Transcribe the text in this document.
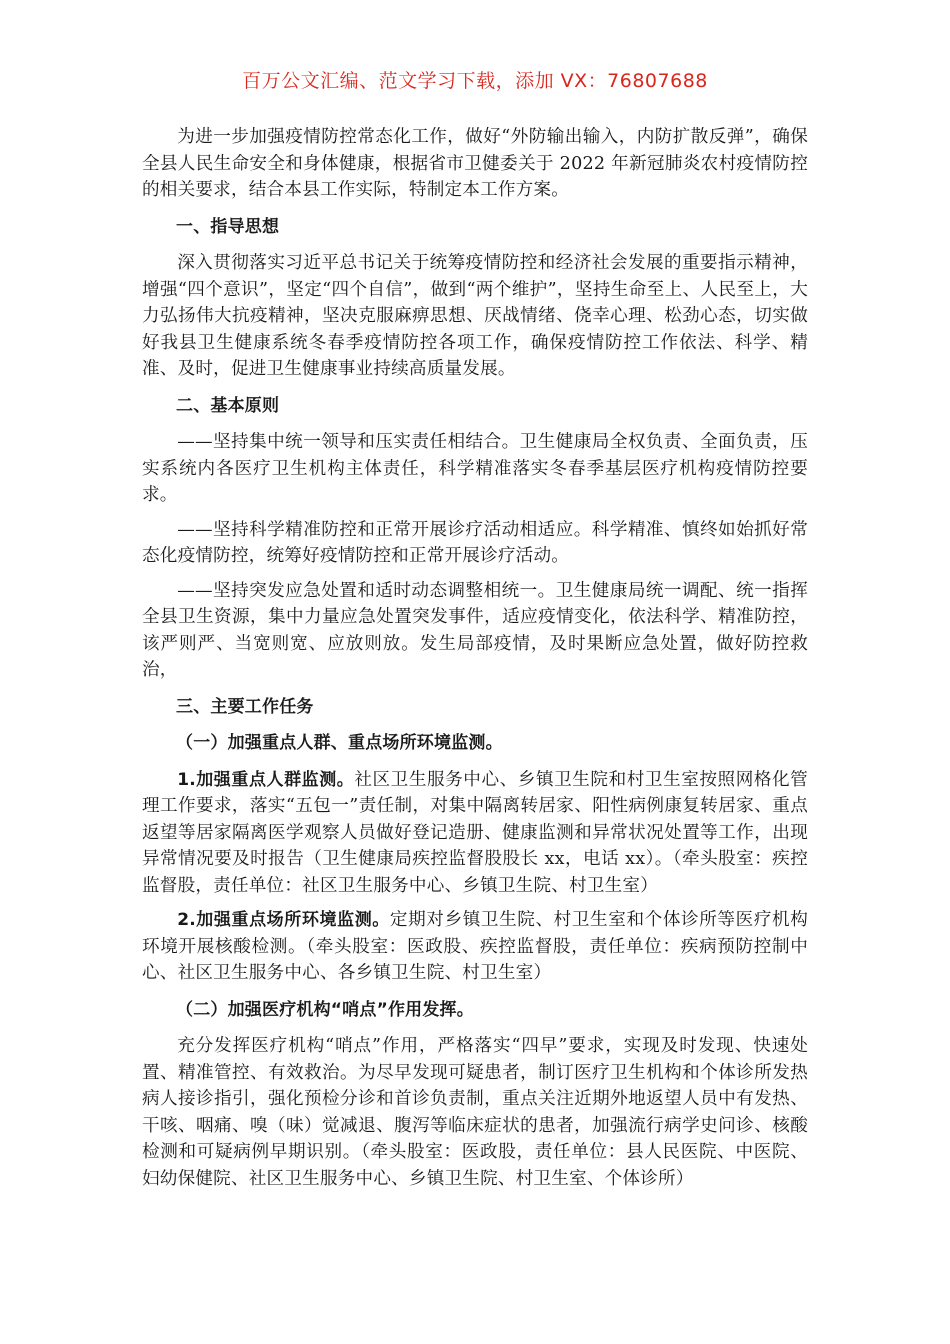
百万公文汇编、范文学习下载，添加 VX：76807688

为进一步加强疫情防控常态化工作，做好“外防输出输入，内防扩散反弹”，确保全县人民生命安全和身体健康，根据省市卫健委关于 2022 年新冠肺炎农村疫情防控的相关要求，结合本县工作实际，特制定本工作方案。

一、指导思想

深入贯彻落实习近平总书记关于统筹疫情防控和经济社会发展的重要指示精神，增强“四个意识”，坚定“四个自信”，做到“两个维护”，坚持生命至上、人民至上，大力弘扬伟大抗疫精神，坚决克服麻痹思想、厌战情绪、侥幸心理、松劲心态，切实做好我县卫生健康系统冬春季疫情防控各项工作，确保疫情防控工作依法、科学、精准、及时，促进卫生健康事业持续高质量发展。

二、基本原则

——坚持集中统一领导和压实责任相结合。卫生健康局全权负责、全面负责，压实系统内各医疗卫生机构主体责任，科学精准落实冬春季基层医疗机构疫情防控要求。

——坚持科学精准防控和正常开展诊疗活动相适应。科学精准、慎终如始抓好常态化疫情防控，统筹好疫情防控和正常开展诊疗活动。

——坚持突发应急处置和适时动态调整相统一。卫生健康局统一调配、统一指挥全县卫生资源，集中力量应急处置突发事件，适应疫情变化，依法科学、精准防控，该严则严、当宽则宽、应放则放。发生局部疫情，及时果断应急处置，做好防控救治，

三、主要工作任务

（一）加强重点人群、重点场所环境监测。

1.加强重点人群监测。社区卫生服务中心、乡镇卫生院和村卫生室按照网格化管理工作要求，落实“五包一”责任制，对集中隔离转居家、阳性病例康复转居家、重点返望等居家隔离医学观察人员做好登记造册、健康监测和异常状况处置等工作，出现异常情况要及时报告（卫生健康局疾控监督股股长 xx，电话 xx）。（牵头股室：疾控监督股，责任单位：社区卫生服务中心、乡镇卫生院、村卫生室）

2.加强重点场所环境监测。定期对乡镇卫生院、村卫生室和个体诊所等医疗机构环境开展核酸检测。（牵头股室：医政股、疾控监督股，责任单位：疾病预防控制中心、社区卫生服务中心、各乡镇卫生院、村卫生室）

（二）加强医疗机构“哨点”作用发挥。

充分发挥医疗机构“哨点”作用，严格落实“四早”要求，实现及时发现、快速处置、精准管控、有效救治。为尽早发现可疑患者，制订医疗卫生机构和个体诊所发热病人接诊指引，强化预检分诊和首诊负责制，重点关注近期外地返望人员中有发热、干咳、咽痛、嗅（味）觉减退、腹泻等临床症状的患者，加强流行病学史问诊、核酸检测和可疑病例早期识别。（牵头股室：医政股，责任单位：县人民医院、中医院、妇幼保健院、社区卫生服务中心、乡镇卫生院、村卫生室、个体诊所）
